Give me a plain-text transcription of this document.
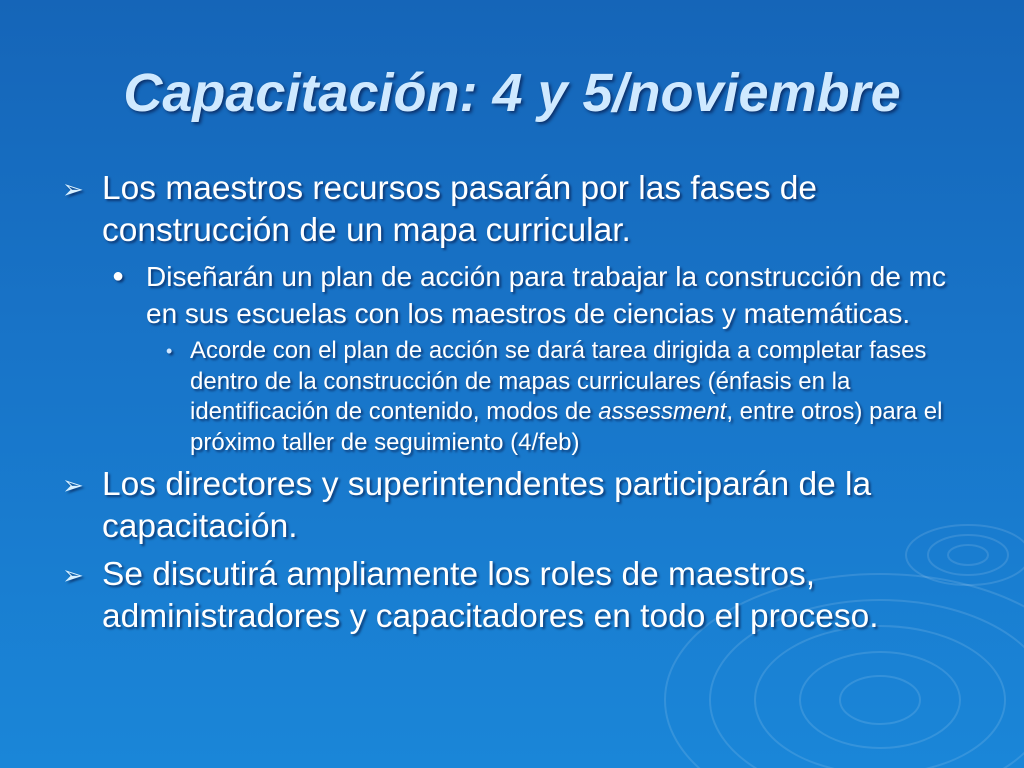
Capacitación: 4 y 5/noviembre
➢ Los maestros recursos pasarán por las fases de construcción de un mapa curricular.
● Diseñarán un plan de acción para trabajar la construcción de mc en sus escuelas con los maestros de ciencias y matemáticas.
• Acorde con el plan de acción se dará tarea dirigida a completar fases dentro de la construcción de mapas curriculares (énfasis en la identificación de contenido, modos de assessment, entre otros) para el próximo taller de seguimiento (4/feb)
➢ Los directores y superintendentes participarán de la capacitación.
➢ Se discutirá ampliamente los roles de maestros, administradores y capacitadores en todo el proceso.
